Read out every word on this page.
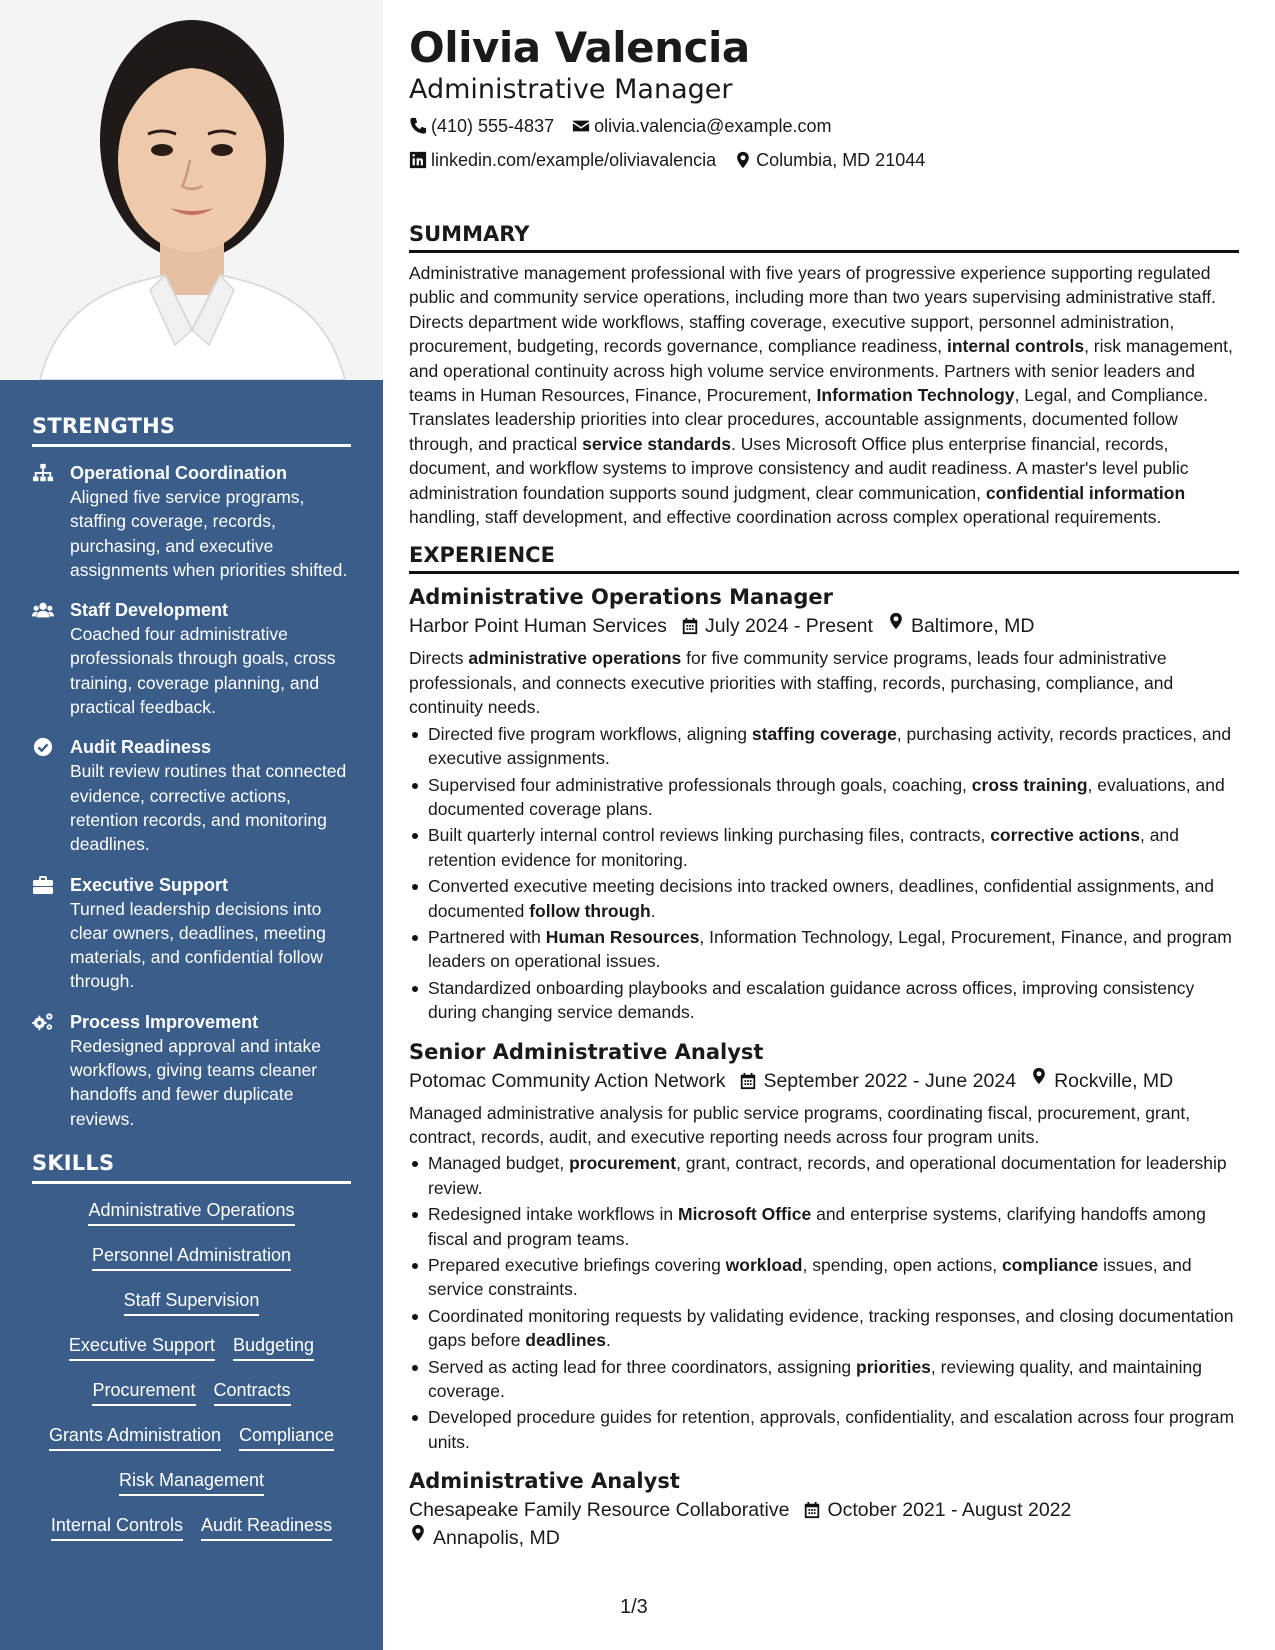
STRENGTHS
Operational Coordination
Aligned five service programs, staffing coverage, records, purchasing, and executive assignments when priorities shifted.
Staff Development
Coached four administrative professionals through goals, cross training, coverage planning, and practical feedback.
Audit Readiness
Built review routines that connected evidence, corrective actions, retention records, and monitoring deadlines.
Executive Support
Turned leadership decisions into clear owners, deadlines, meeting materials, and confidential follow through.
Process Improvement
Redesigned approval and intake workflows, giving teams cleaner handoffs and fewer duplicate reviews.
SKILLS
Administrative Operations
Personnel Administration
Staff Supervision
Executive Support Budgeting
Procurement Contracts
Grants Administration Compliance
Risk Management
Internal Controls Audit Readiness
Olivia Valencia
Administrative Manager
(410) 555-4837 olivia.valencia@example.com
linkedin.com/example/oliviavalencia Columbia, MD 21044
SUMMARY
Administrative management professional with five years of progressive experience supporting regulated public and community service operations, including more than two years supervising administrative staff. Directs department wide workflows, staffing coverage, executive support, personnel administration, procurement, budgeting, records governance, compliance readiness, internal controls, risk management, and operational continuity across high volume service environments. Partners with senior leaders and teams in Human Resources, Finance, Procurement, Information Technology, Legal, and Compliance. Translates leadership priorities into clear procedures, accountable assignments, documented follow through, and practical service standards. Uses Microsoft Office plus enterprise financial, records, document, and workflow systems to improve consistency and audit readiness. A master's level public administration foundation supports sound judgment, clear communication, confidential information handling, staff development, and effective coordination across complex operational requirements.
EXPERIENCE
Administrative Operations Manager
Harbor Point Human Services July 2024 - Present Baltimore, MD
Directs administrative operations for five community service programs, leads four administrative professionals, and connects executive priorities with staffing, records, purchasing, compliance, and continuity needs.
Directed five program workflows, aligning staffing coverage, purchasing activity, records practices, and executive assignments.
Supervised four administrative professionals through goals, coaching, cross training, evaluations, and documented coverage plans.
Built quarterly internal control reviews linking purchasing files, contracts, corrective actions, and retention evidence for monitoring.
Converted executive meeting decisions into tracked owners, deadlines, confidential assignments, and documented follow through.
Partnered with Human Resources, Information Technology, Legal, Procurement, Finance, and program leaders on operational issues.
Standardized onboarding playbooks and escalation guidance across offices, improving consistency during changing service demands.
Senior Administrative Analyst
Potomac Community Action Network September 2022 - June 2024 Rockville, MD
Managed administrative analysis for public service programs, coordinating fiscal, procurement, grant, contract, records, audit, and executive reporting needs across four program units.
Managed budget, procurement, grant, contract, records, and operational documentation for leadership review.
Redesigned intake workflows in Microsoft Office and enterprise systems, clarifying handoffs among fiscal and program teams.
Prepared executive briefings covering workload, spending, open actions, compliance issues, and service constraints.
Coordinated monitoring requests by validating evidence, tracking responses, and closing documentation gaps before deadlines.
Served as acting lead for three coordinators, assigning priorities, reviewing quality, and maintaining coverage.
Developed procedure guides for retention, approvals, confidentiality, and escalation across four program units.
Administrative Analyst
Chesapeake Family Resource Collaborative October 2021 - August 2022
Annapolis, MD
1/3
